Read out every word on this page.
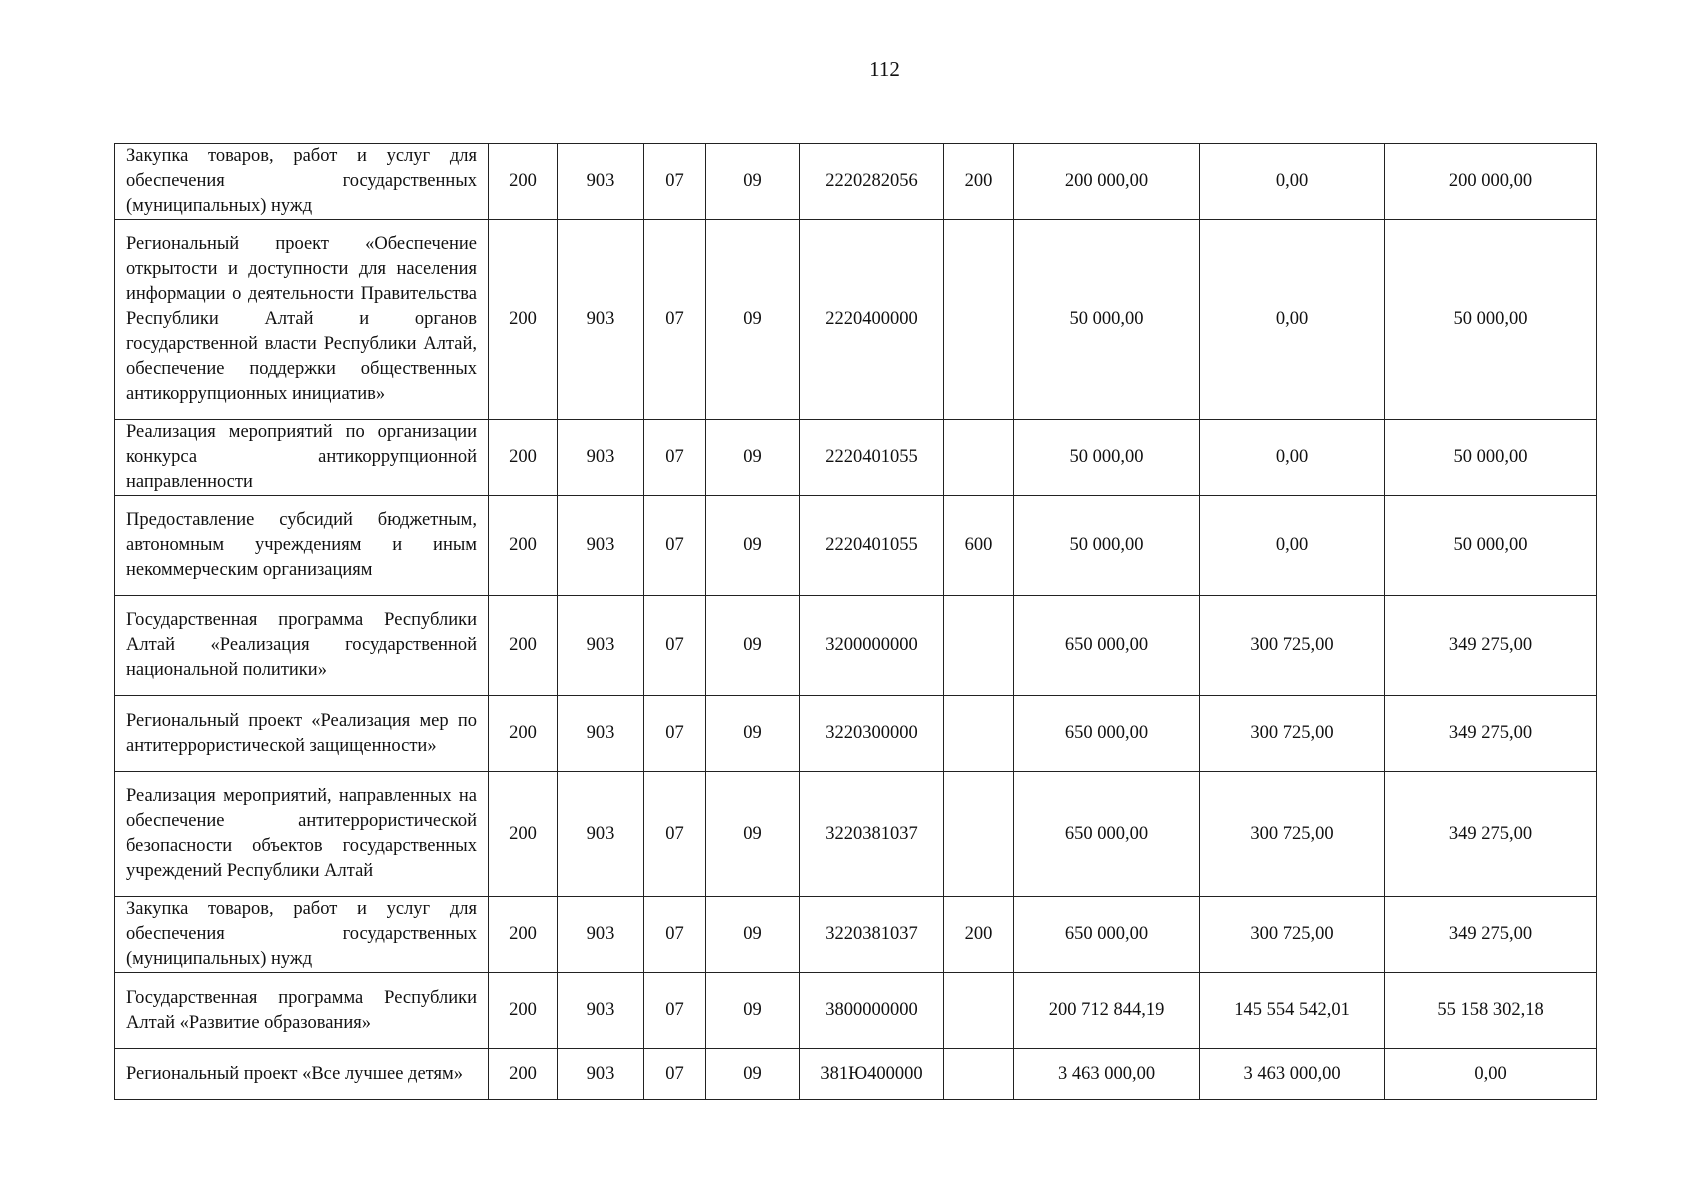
112
Закупка товаров, работ и услуг для обеспечения государственных (муниципальных) нужд	200	903	07	09	2220282056	200	200 000,00	0,00	200 000,00
Региональный проект «Обеспечение открытости и доступности для населения информации о деятельности Правительства Республики Алтай и органов государственной власти Республики Алтай, обеспечение поддержки общественных антикоррупционных инициатив»	200	903	07	09	2220400000		50 000,00	0,00	50 000,00
Реализация мероприятий по организации конкурса антикоррупционной направленности	200	903	07	09	2220401055		50 000,00	0,00	50 000,00
Предоставление субсидий бюджетным, автономным учреждениям и иным некоммерческим организациям	200	903	07	09	2220401055	600	50 000,00	0,00	50 000,00
Государственная программа Республики Алтай «Реализация государственной национальной политики»	200	903	07	09	3200000000		650 000,00	300 725,00	349 275,00
Региональный проект «Реализация мер по антитеррористической защищенности»	200	903	07	09	3220300000		650 000,00	300 725,00	349 275,00
Реализация мероприятий, направленных на обеспечение антитеррористической безопасности объектов государственных учреждений Республики Алтай	200	903	07	09	3220381037		650 000,00	300 725,00	349 275,00
Закупка товаров, работ и услуг для обеспечения государственных (муниципальных) нужд	200	903	07	09	3220381037	200	650 000,00	300 725,00	349 275,00
Государственная программа Республики Алтай «Развитие образования»	200	903	07	09	3800000000		200 712 844,19	145 554 542,01	55 158 302,18
Региональный проект «Все лучшее детям»	200	903	07	09	381Ю400000		3 463 000,00	3 463 000,00	0,00
